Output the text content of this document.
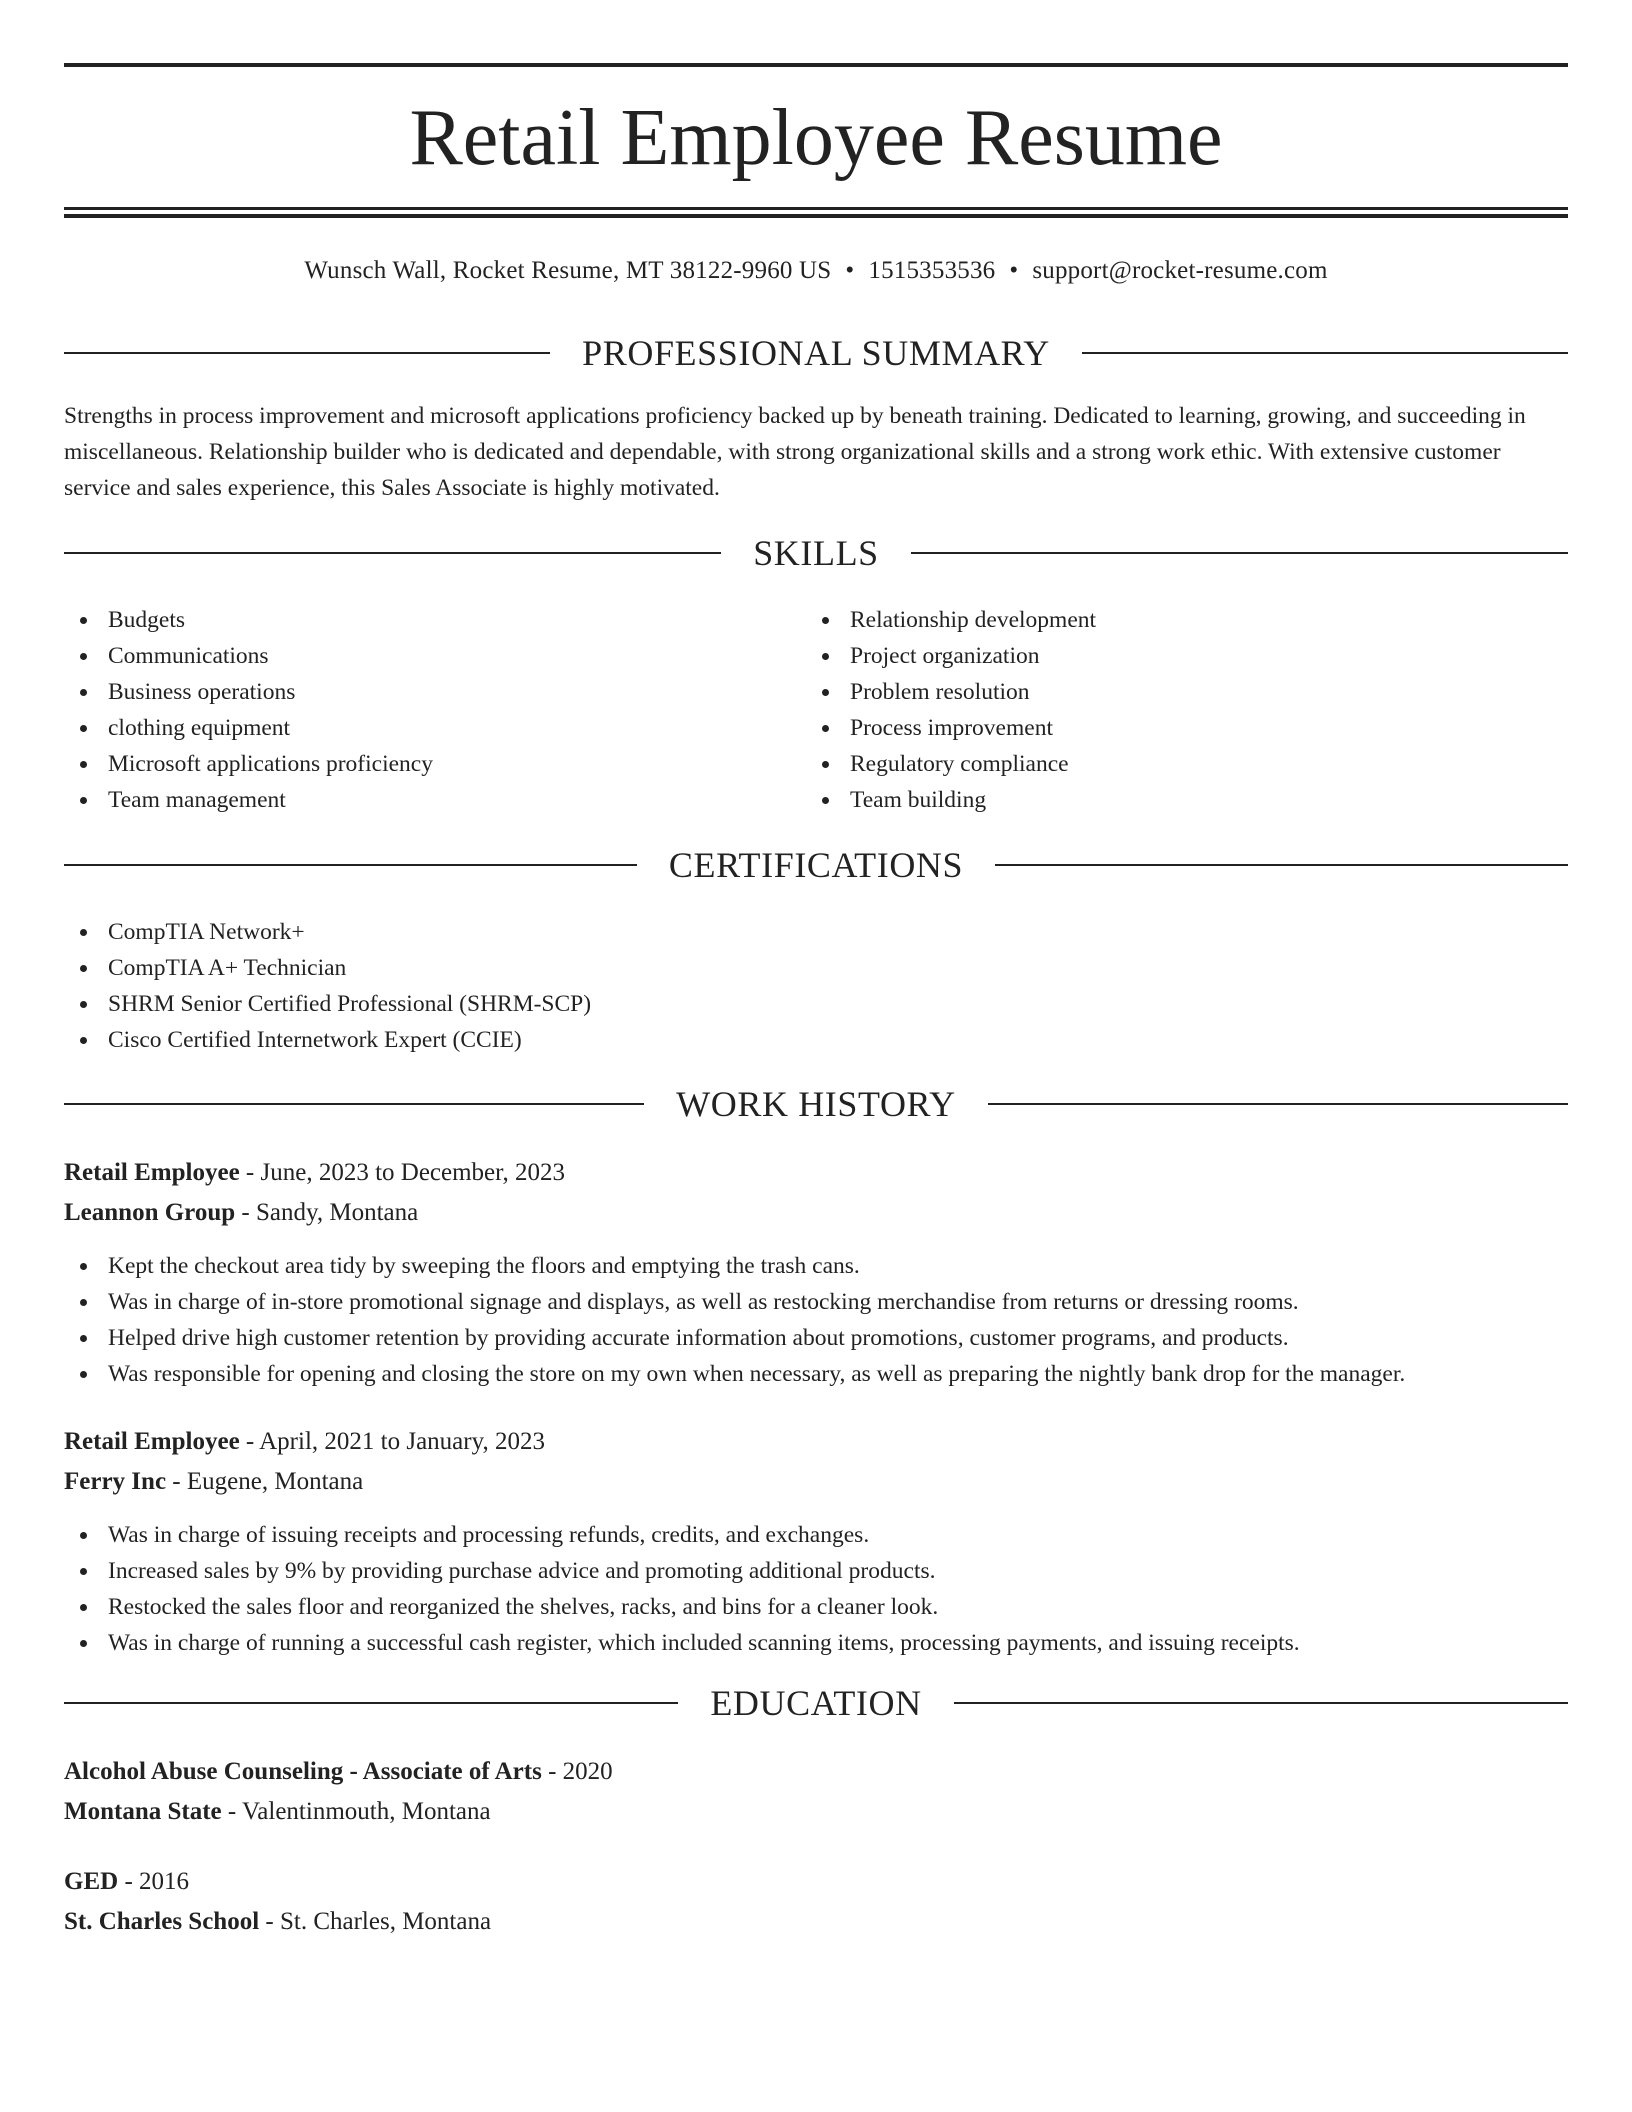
Retail Employee Resume
Wunsch Wall, Rocket Resume, MT 38122-9960 US • 1515353536 • support@rocket-resume.com
PROFESSIONAL SUMMARY

Strengths in process improvement and microsoft applications proficiency backed up by beneath training. Dedicated to learning, growing, and succeeding in miscellaneous. Relationship builder who is dedicated and dependable, with strong organizational skills and a strong work ethic. With extensive customer service and sales experience, this Sales Associate is highly motivated.

SKILLS
Budgets
Communications
Business operations
clothing equipment
Microsoft applications proficiency
Team management
Relationship development
Project organization
Problem resolution
Process improvement
Regulatory compliance
Team building
CERTIFICATIONS
CompTIA Network+
CompTIA A+ Technician
SHRM Senior Certified Professional (SHRM-SCP)
Cisco Certified Internetwork Expert (CCIE)
WORK HISTORY
Retail Employee - June, 2023 to December, 2023
Leannon Group - Sandy, Montana
Kept the checkout area tidy by sweeping the floors and emptying the trash cans.
Was in charge of in-store promotional signage and displays, as well as restocking merchandise from returns or dressing rooms.
Helped drive high customer retention by providing accurate information about promotions, customer programs, and products.
Was responsible for opening and closing the store on my own when necessary, as well as preparing the nightly bank drop for the manager.
Retail Employee - April, 2021 to January, 2023
Ferry Inc - Eugene, Montana
Was in charge of issuing receipts and processing refunds, credits, and exchanges.
Increased sales by 9% by providing purchase advice and promoting additional products.
Restocked the sales floor and reorganized the shelves, racks, and bins for a cleaner look.
Was in charge of running a successful cash register, which included scanning items, processing payments, and issuing receipts.
EDUCATION
Alcohol Abuse Counseling - Associate of Arts - 2020
Montana State - Valentinmouth, Montana
GED - 2016
St. Charles School - St. Charles, Montana
